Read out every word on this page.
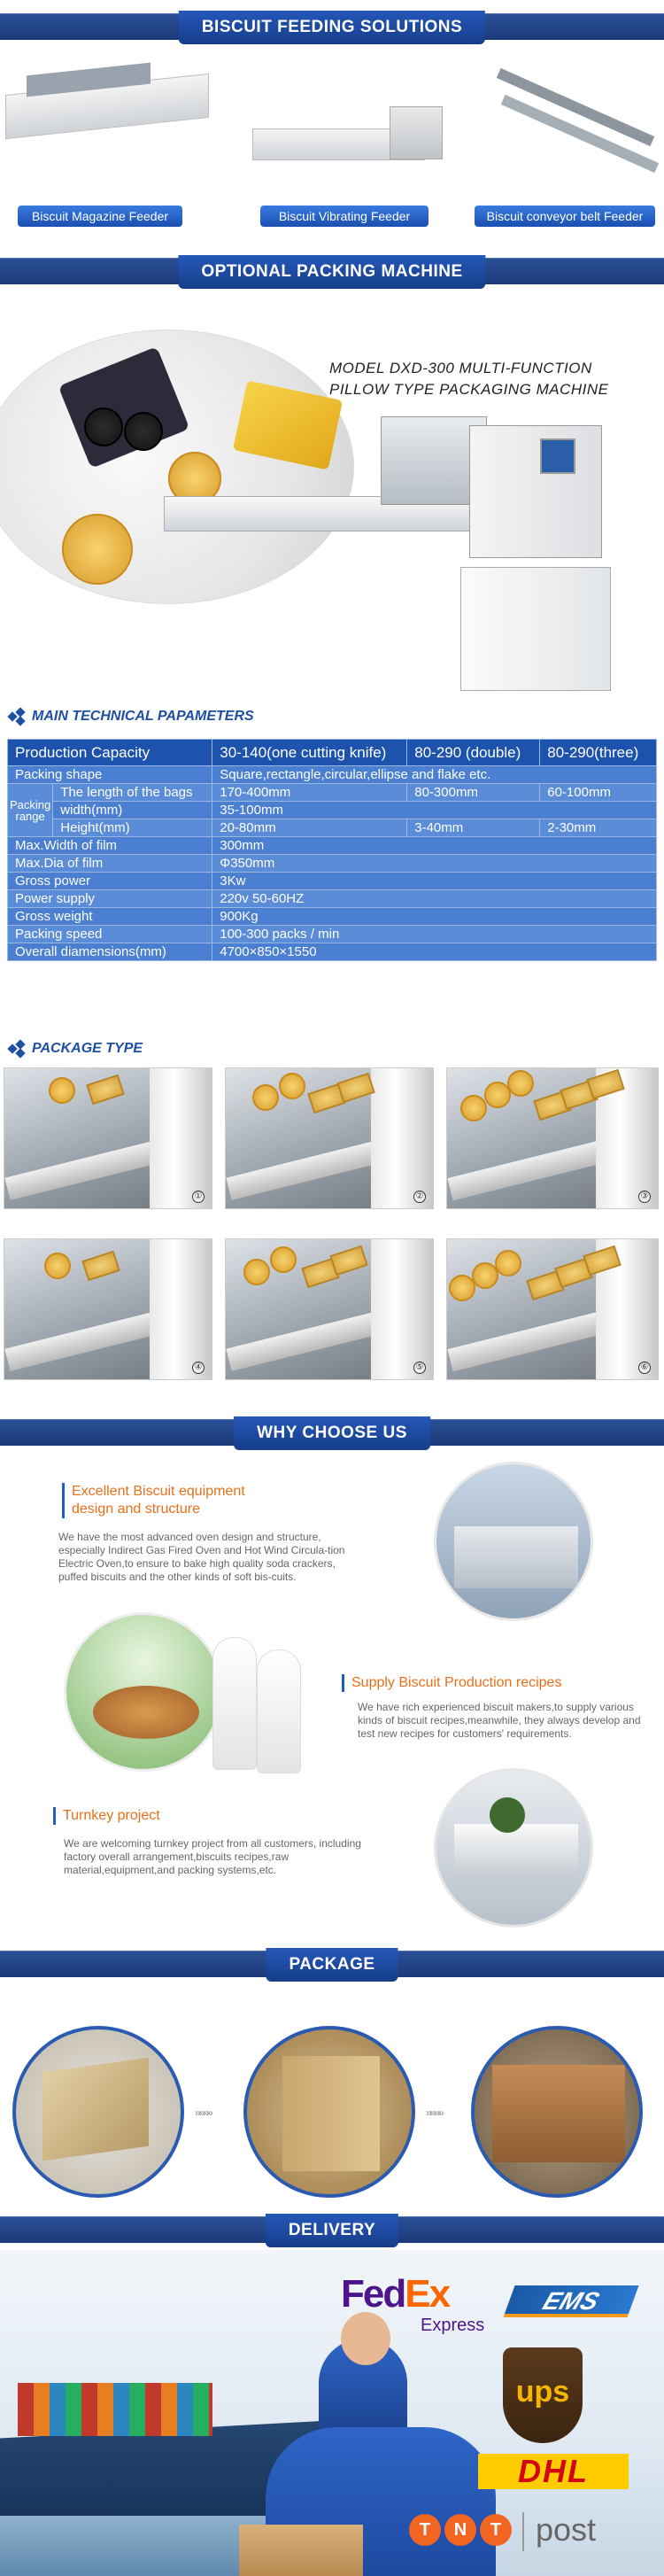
BISCUIT FEEDING SOLUTIONS
Biscuit Magazine Feeder	Biscuit Vibrating Feeder	Biscuit conveyor belt Feeder
OPTIONAL PACKING MACHINE
MODEL DXD-300 MULTI-FUNCTION
PILLOW TYPE PACKAGING MACHINE
MAIN TECHNICAL PAPAMETERS
Production Capacity		30-140(one cutting knife)	80-290 (double)	80-290(three)
Packing shape		Square,rectangle,circular,ellipse and flake etc.		
Packing range	The length of the bags	170-400mm	80-300mm	60-100mm
	width(mm)	35-100mm		
	Height(mm)	20-80mm	3-40mm	2-30mm
Max.Width of film		300mm		
Max.Dia of film		Φ350mm		
Gross power		3Kw		
Power supply		220v 50-60HZ		
Gross weight		900Kg		
Packing speed		100-300 packs / min		
Overall diamensions(mm)		4700×850×1550		
PACKAGE TYPE
①	②	③
④	⑤	⑥
WHY CHOOSE US
Excellent Biscuit equipment
design and structure
We have the most advanced oven design and structure, especially Indirect Gas Fired Oven and Hot Wind Circula-tion Electric Oven,to ensure to bake high quality soda crackers, puffed biscuits and the other kinds of soft bis-cuits.
Supply Biscuit Production recipes
We have rich experienced biscuit makers,to supply various kinds of biscuit recipes,meanwhile, they always develop and test new recipes for customers' requirements.
Turnkey project
We are welcoming turnkey project from all customers, including factory overall arrangement,biscuits recipes,raw material,equipment,and packing systems,etc.
PACKAGE
»»»»	»»»»
DELIVERY
FedEx
Express
EMS
ups
DHL
T	N	T	post
